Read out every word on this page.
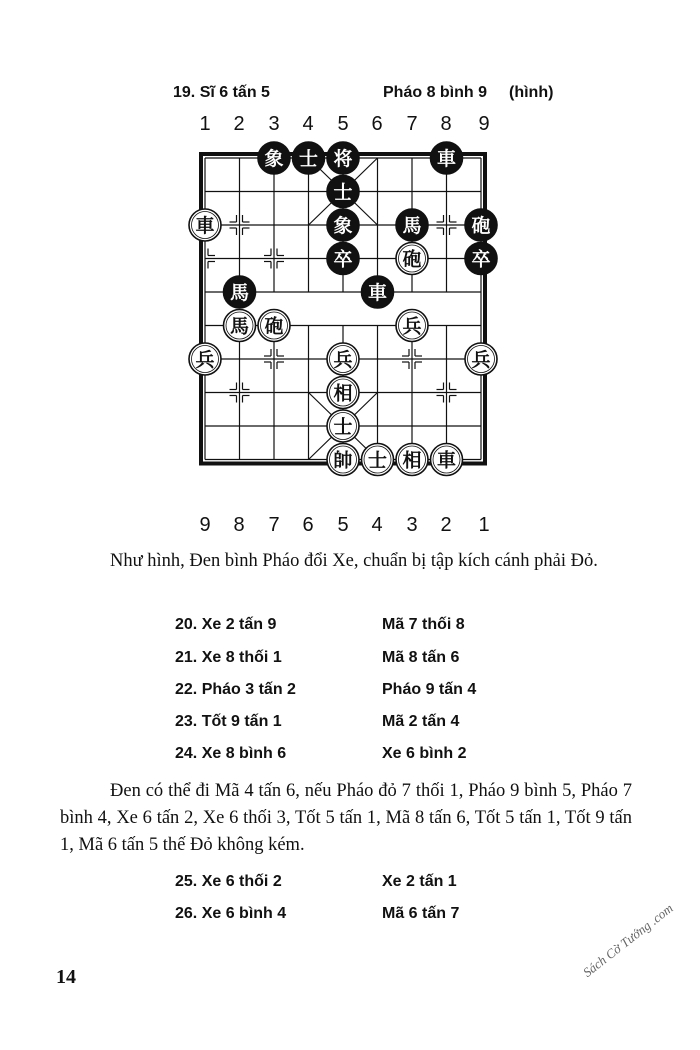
19. Sĩ 6 tấn 5	Pháo 8 bình 9 (hình)
1	2	3	4	5	6	7	8	9
象 士 将	車
士
車	象	馬	砲
卒	砲	卒
馬	車
馬 砲	兵
兵	兵	兵
相
士
帥 士 相 車
9	8	7	6	5	4	3	2	1
Như hình, Đen bình Pháo đổi Xe, chuẩn bị tập kích cánh phải Đỏ.
20. Xe 2 tấn 9	Mã 7 thối 8
21. Xe 8 thối 1	Mã 8 tấn 6
22. Pháo 3 tấn 2	Pháo 9 tấn 4
23. Tốt 9 tấn 1	Mã 2 tấn 4
24. Xe 8 bình 6	Xe 6 bình 2
Đen có thể đi Mã 4 tấn 6, nếu Pháo đỏ 7 thối 1, Pháo 9 bình 5, Pháo 7 bình 4, Xe 6 tấn 2, Xe 6 thối 3, Tốt 5 tấn 1, Mã 8 tấn 6, Tốt 5 tấn 1, Tốt 9 tấn 1, Mã 6 tấn 5 thế Đỏ không kém.
25. Xe 6 thối 2	Xe 2 tấn 1
26. Xe 6 bình 4	Mã 6 tấn 7
14	Sách Cờ Tướng .com
